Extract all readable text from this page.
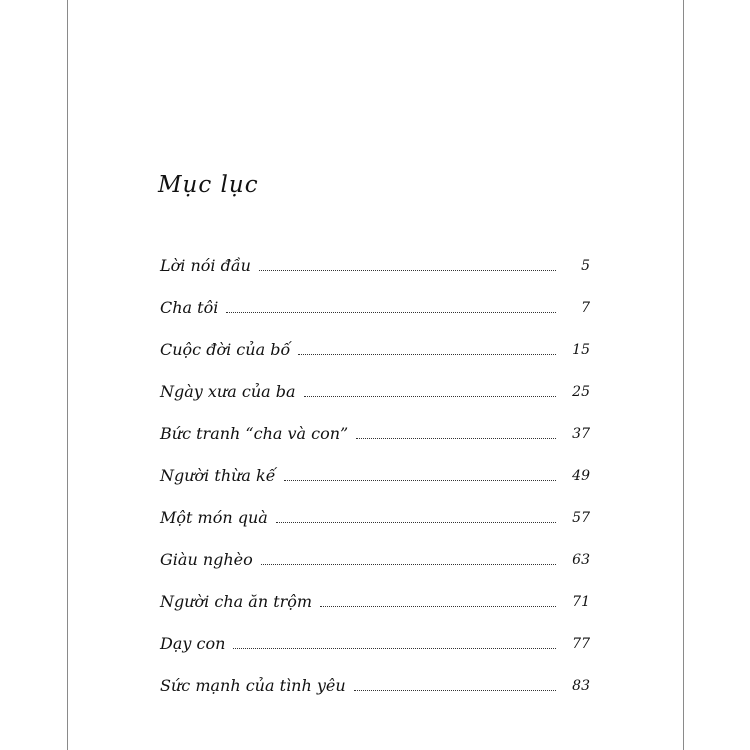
Mục lục
Lời nói đầu	5
Cha tôi	7
Cuộc đời của bố	15
Ngày xưa của ba	25
Bức tranh “cha và con”	37
Người thừa kế	49
Một món quà	57
Giàu nghèo	63
Người cha ăn trộm	71
Dạy con	77
Sức mạnh của tình yêu	83
